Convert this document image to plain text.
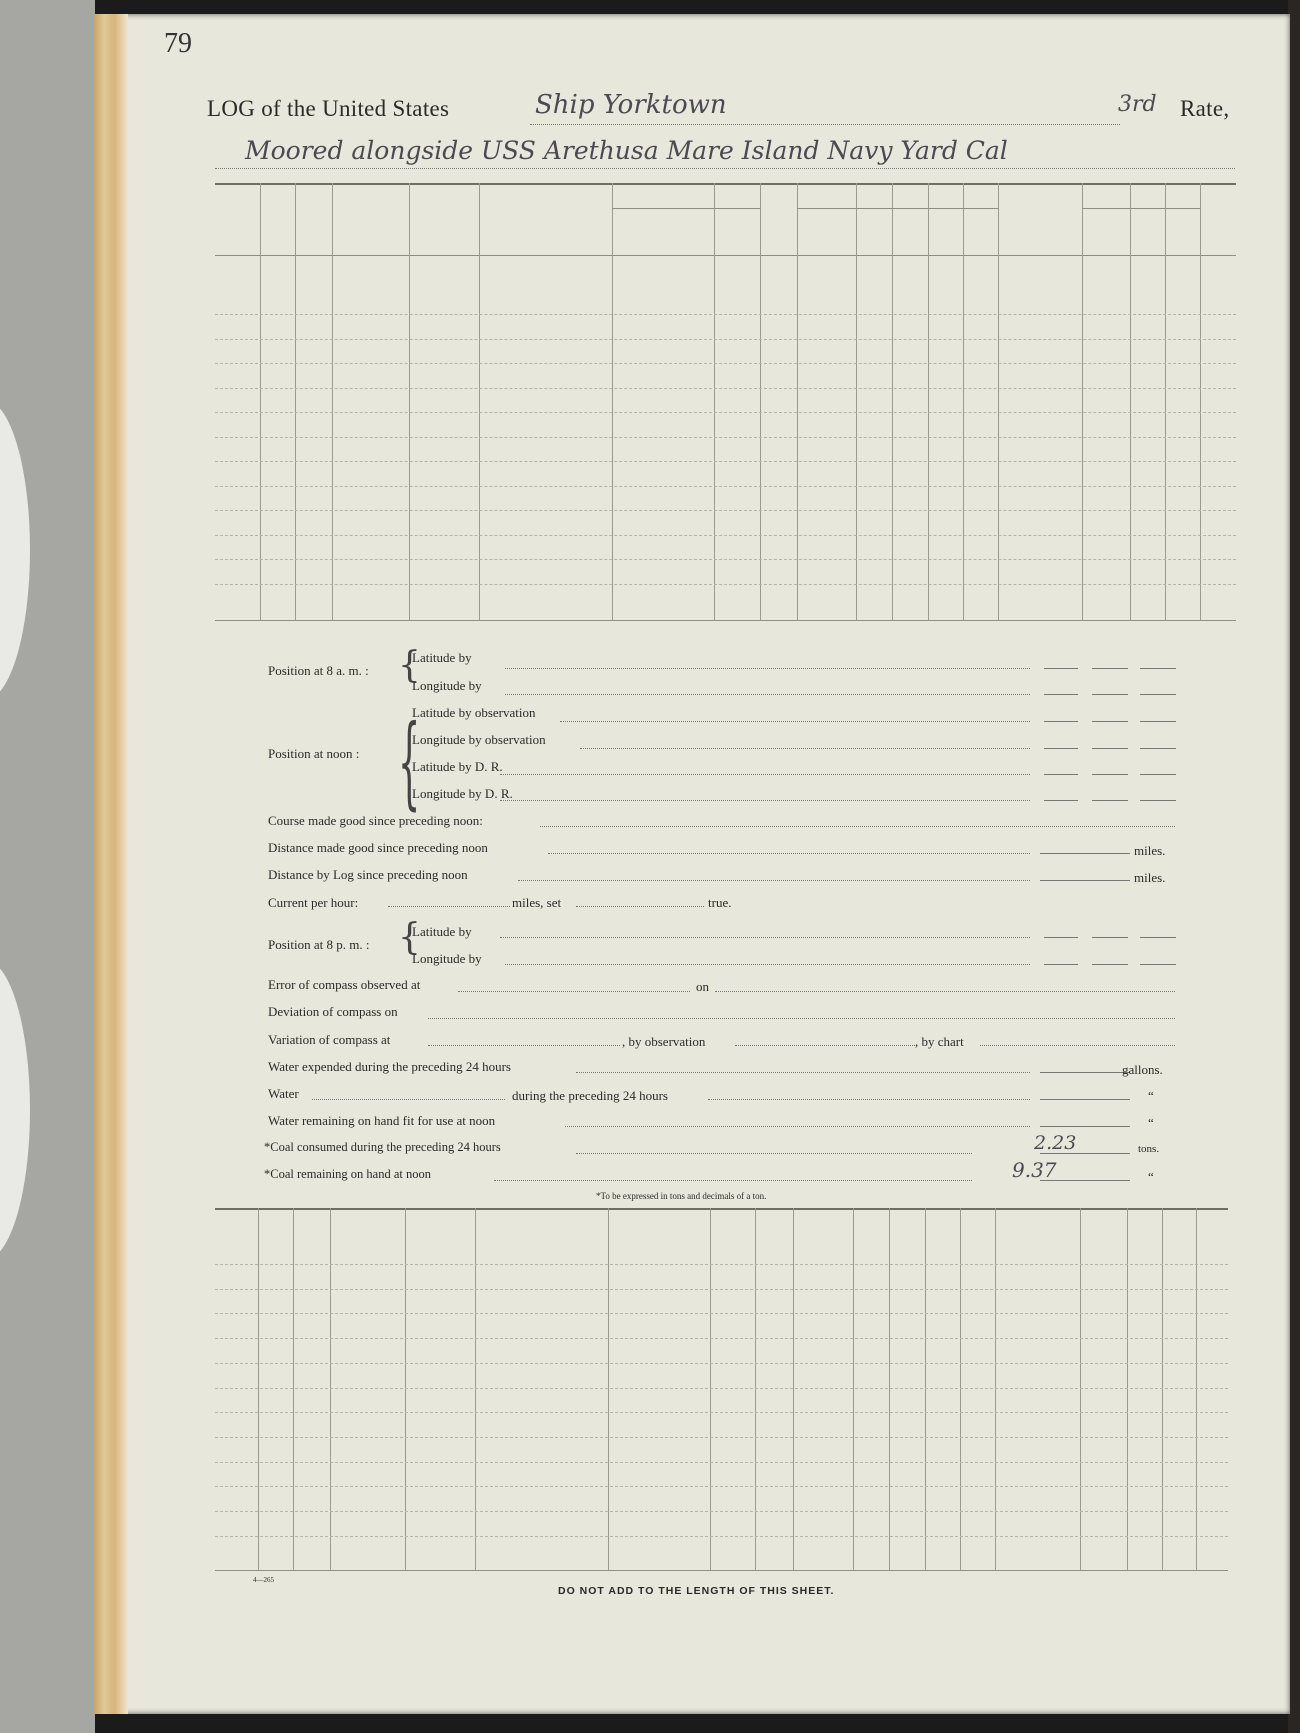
79
LOG of the United States	Ship Yorktown	3rd Rate,
Moored alongside USS Arethusa Mare Island Navy Yard Cal
Position at 8 a. m. : {
Latitude by
Longitude by
Position at noon : {
Latitude by observation
Longitude by observation
Latitude by D. R.
Longitude by D. R.
Course made good since preceding noon:
Distance made good since preceding noon	miles.
Distance by Log since preceding noon	miles.
Current per hour:	miles, set	true.
Position at 8 p. m. : {
Latitude by
Longitude by
Error of compass observed at	on
Deviation of compass on
Variation of compass at	, by observation	, by chart
Water expended during the preceding 24 hours	gallons.
Water	during the preceding 24 hours	“
Water remaining on hand fit for use at noon	“
*Coal consumed during the preceding 24 hours	2.23	tons.
*Coal remaining on hand at noon	9.37	“
*To be expressed in tons and decimals of a ton.
4—265
DO NOT ADD TO THE LENGTH OF THIS SHEET.
